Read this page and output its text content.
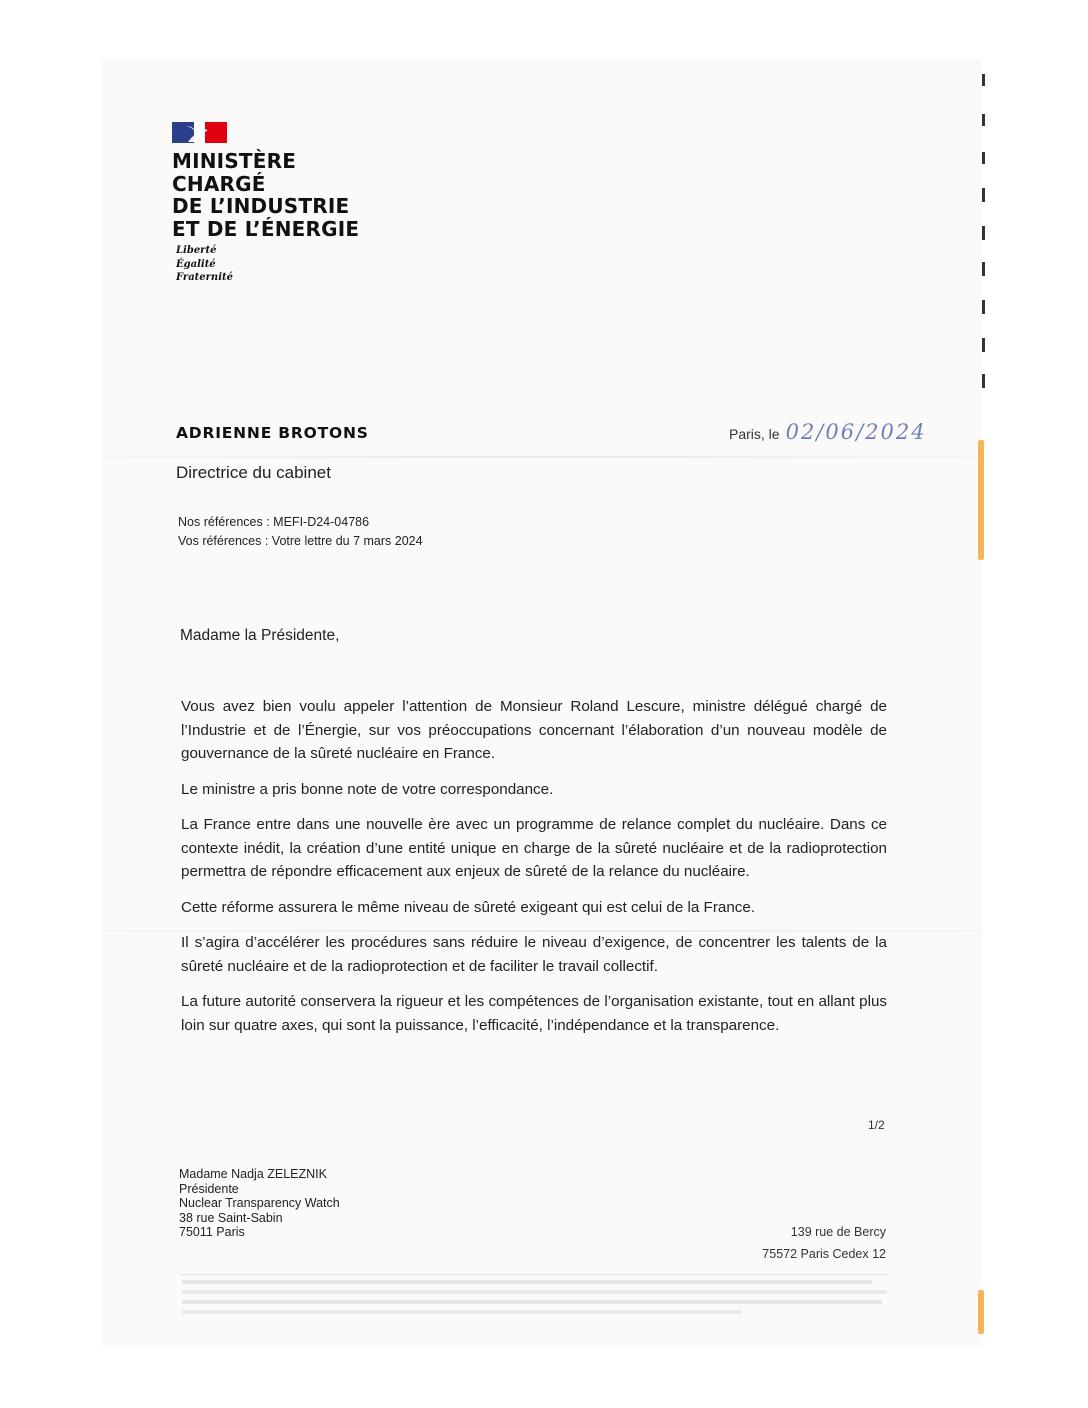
MINISTÈRE
CHARGÉ
DE L’INDUSTRIE
ET DE L’ÉNERGIE
Liberté
Égalité
Fraternité
ADRIENNE BROTONS
Directrice du cabinet
Paris, le 02/06/2024
Nos références : MEFI-D24-04786
Vos références : Votre lettre du 7 mars 2024
Madame la Présidente,

Vous avez bien voulu appeler l’attention de Monsieur Roland Lescure, ministre délégué chargé de l’Industrie et de l’Énergie, sur vos préoccupations concernant l’élaboration d’un nouveau modèle de gouvernance de la sûreté nucléaire en France.

Le ministre a pris bonne note de votre correspondance.

La France entre dans une nouvelle ère avec un programme de relance complet du nucléaire. Dans ce contexte inédit, la création d’une entité unique en charge de la sûreté nucléaire et de la radioprotection permettra de répondre efficacement aux enjeux de sûreté de la relance du nucléaire.

Cette réforme assurera le même niveau de sûreté exigeant qui est celui de la France.

Il s’agira d’accélérer les procédures sans réduire le niveau d’exigence, de concentrer les talents de la sûreté nucléaire et de la radioprotection et de faciliter le travail collectif.

La future autorité conservera la rigueur et les compétences de l’organisation existante, tout en allant plus loin sur quatre axes, qui sont la puissance, l’efficacité, l’indépendance et la transparence.

1/2
Madame Nadja ZELEZNIK
Présidente
Nuclear Transparency Watch
38 rue Saint-Sabin
75011 Paris	139 rue de Bercy
75572 Paris Cedex 12
